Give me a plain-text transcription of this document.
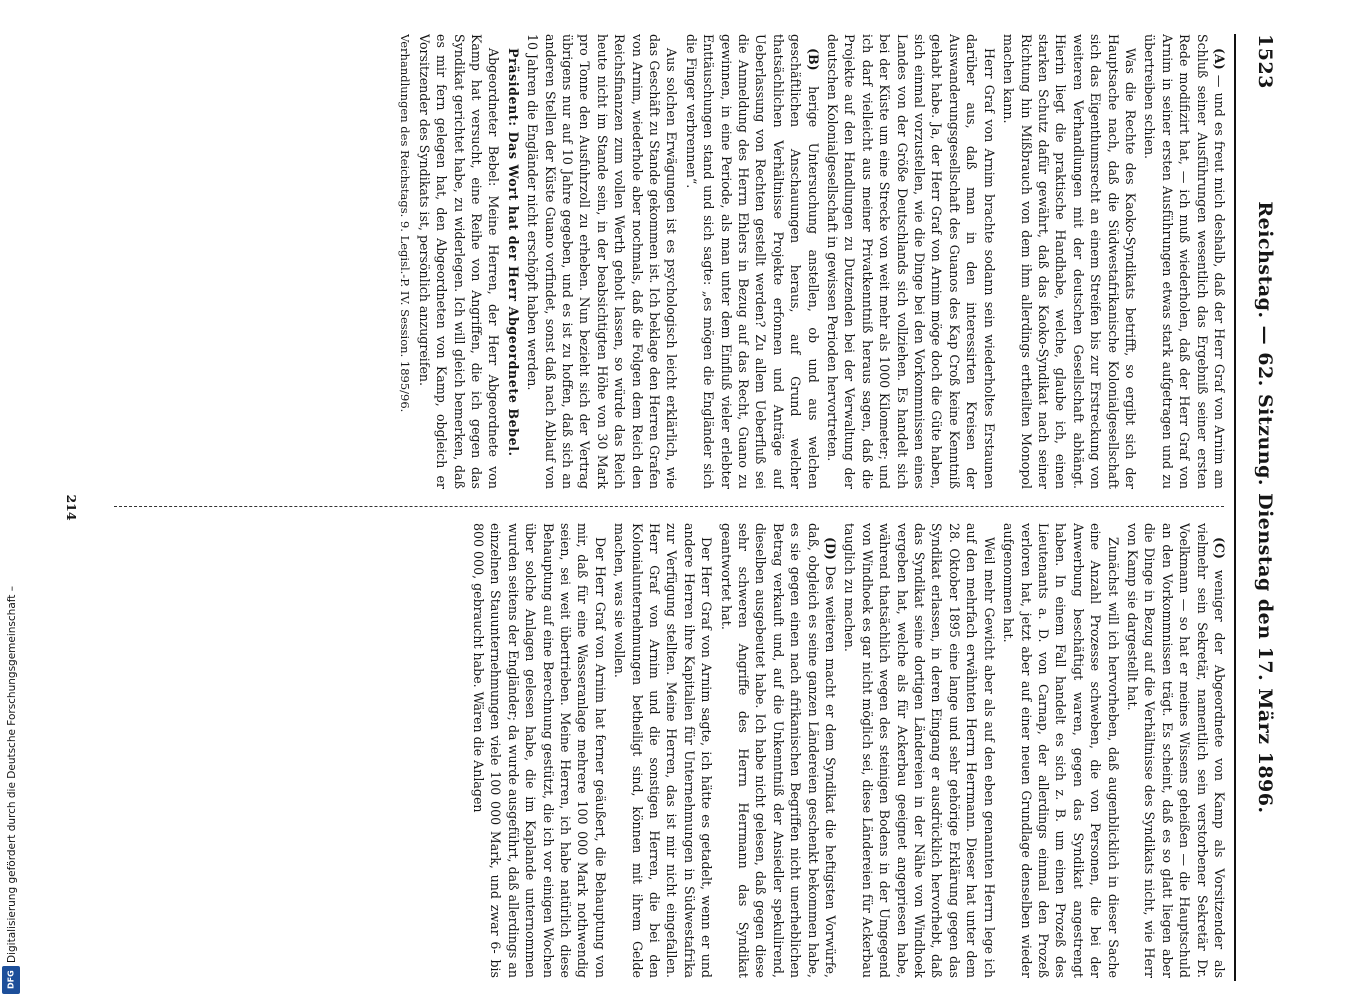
Digitalisierung gefördert durch die Deutsche Forschungsgemeinschaft –
DFG
1523
Reichstag. — 62. Sitzung. Dienstag den 17. März 1896.

(A) — und es freut mich deshalb, daß der Herr Graf von Arnim am Schluß seiner Ausführungen wesentlich das Ergebniß seiner ersten Rede modifizirt hat, — ich muß wiederholen, daß der Herr Graf von Arnim in seiner ersten Ausführungen etwas stark aufgetragen und zu übertreiben schien.

Was die Rechte des Kaoko-Syndikats betrifft, so ergibt sich der Hauptsache nach, daß die Südwestafrikanische Kolonialgesellschaft sich das Eigenthumsrecht an einem Streifen bis zur Erstreckung von weiteren Verhandlungen mit der deutschen Gesellschaft abhängt. Hierin liegt die praktische Handhabe, welche, glaube ich, einen starken Schutz dafür gewährt, daß das Kaoko-Syndikat nach seiner Richtung hin Mißbrauch von dem ihm allerdings ertheilten Monopol machen kann.

Herr Graf von Arnim brachte sodann sein wiederholtes Erstaunen darüber aus, daß man in den interessirten Kreisen der Auswanderungsgesellschaft des Guanos des Kap Croß keine Kenntniß gehabt habe. Ja, der Herr Graf von Arnim möge doch die Güte haben, sich einmal vorzustellen, wie die Dinge bei den Vorkommnissen eines Landes von der Größe Deutschlands sich vollziehen. Es handelt sich bei der Küste um eine Strecke von weit mehr als 1000 Kilometer; und ich darf vielleicht aus meiner Privatkenntniß heraus sagen, daß die Projekte auf den Handlungen zu Dutzenden bei der Verwaltung der deutschen Kolonialgesellschaft in gewissen Perioden hervortreten.

(B) herige Untersuchung anstellen, ob und aus welchen geschäftlichen Anschauungen heraus, auf Grund welcher thatsächlichen Verhältnisse Projekte erfonnen und Anträge auf Ueberlassung von Rechten gestellt werden? Zu allem Ueberfluß sei die Anmeldung des Herrn Ehlers in Bezug auf das Recht, Guano zu gewinnen, in eine Periode, als man unter dem Einfluß vieler erlebter Enttäuschungen stand und sich sagte: „es mögen die Engländer sich die Finger verbrennen“.

Aus solchen Erwägungen ist es psychologisch leicht erklärlich, wie das Geschäft zu Stande gekommen ist. Ich beklage den Herren Grafen von Arnim, wiederhole aber nochmals, daß die Folgen dem Reich den Reichsfinanzen zum vollen Werth geholt lassen, so würde das Reich heute nicht im Stande sein, in der beabsichtigten Höhe von 30 Mark pro Tonne den Ausfuhrzoll zu erheben. Nun bezieht sich der Vertrag übrigens nur auf 10 Jahre gegeben, und es ist zu hoffen, daß sich an anderen Stellen der Küste Guano vorfindet, sonst daß nach Ablauf von 10 Jahren die Engländer nicht erschöpft haben werden.

Präsident: Das Wort hat der Herr Abgeordnete Bebel.

Abgeordneter Bebel: Meine Herren, der Herr Abgeordnete von Kamp hat versucht, eine Reihe von Angriffen, die ich gegen das Syndikat gerichtet habe, zu widerlegen. Ich will gleich bemerken, daß es mir fern gelegen hat, den Abgeordneten von Kamp, obgleich er Vorsitzender des Syndikats ist, persönlich anzugreifen.

Verhandlungen des Reichstags. 9. Legisl.-P. IV. Session. 1895/96.

(C) weniger der Abgeordnete von Kamp als Vorsitzender als vielmehr sein Sekretär, namentlich sein verstorbener Sekretär Dr. Voelkmann — so hat er meines Wissens geheißen — die Hauptschuld an den Vorkommnissen trägt. Es scheint, daß es so glatt liegen aber die Dinge in Bezug auf die Verhältnisse des Syndikats nicht, wie Herr von Kamp sie dargestellt hat.

Zunächst will ich hervorheben, daß augenblicklich in dieser Sache eine Anzahl Prozesse schweben, die von Personen, die bei der Anwerbung beschäftigt waren, gegen das Syndikat angestrengt haben. In einem Fall handelt es sich z. B. um einen Prozeß des Lieutenants a. D. von Carnap, der allerdings einmal den Prozeß verloren hat, jetzt aber auf einer neuen Grundlage denselben wieder aufgenommen hat.

Weil mehr Gewicht aber als auf den eben genannten Herrn lege ich auf den mehrfach erwähnten Herrn Herrmann. Dieser hat unter dem 28. Oktober 1895 eine lange und sehr gehörige Erklärung gegen das Syndikat erlassen, in deren Eingang er ausdrücklich hervorhebt, daß das Syndikat seine dortigen Ländereien in der Nähe von Windhoek vergeben hat, welche als für Ackerbau geeignet angepriesen habe, während thatsächlich wegen des steinigen Bodens in der Umgegend von Windhoek es gar nicht möglich sei, diese Ländereien für Ackerbau tauglich zu machen.

(D) Des weiteren macht er dem Syndikat die heftigsten Vorwürfe, daß, obgleich es seine ganzen Ländereien geschenkt bekommen habe, es sie gegen einen nach afrikanischen Begriffen nicht unerheblichen Betrag verkauft und, auf die Unkenntniß der Ansiedler spekulirend, dieselben ausgebeutet habe. Ich habe nicht gelesen, daß gegen diese sehr schweren Angriffe des Herrn Herrmann das Syndikat geantwortet hat.

Der Herr Graf von Arnim sagte, ich hätte es getadelt, wenn er und andere Herren ihre Kapitalien für Unternehmungen in Südwestafrika zur Verfügung stellten. Meine Herren, das ist mir nicht eingefallen. Herr Graf von Arnim und die sonstigen Herren, die bei den Kolonialunternehmungen betheiligt sind, können mit ihrem Gelde machen, was sie wollen.

Der Herr Graf von Arnim hat ferner geäußert, die Behauptung von mir, daß für eine Wasseranlage mehrere 100 000 Mark nothwendig seien, sei weit übertrieben. Meine Herren, ich habe natürlich diese Behauptung auf eine Berechnung gestützt, die ich vor einigen Wochen über solche Anlagen gelesen habe, die im Kaplande unternommen wurden seitens der Engländer; da wurde ausgeführt, daß allerdings an einzelnen Stauunternehmungen viele 100 000 Mark, und zwar 6- bis 800 000, gebraucht habe. Wären die Anlagen

214
